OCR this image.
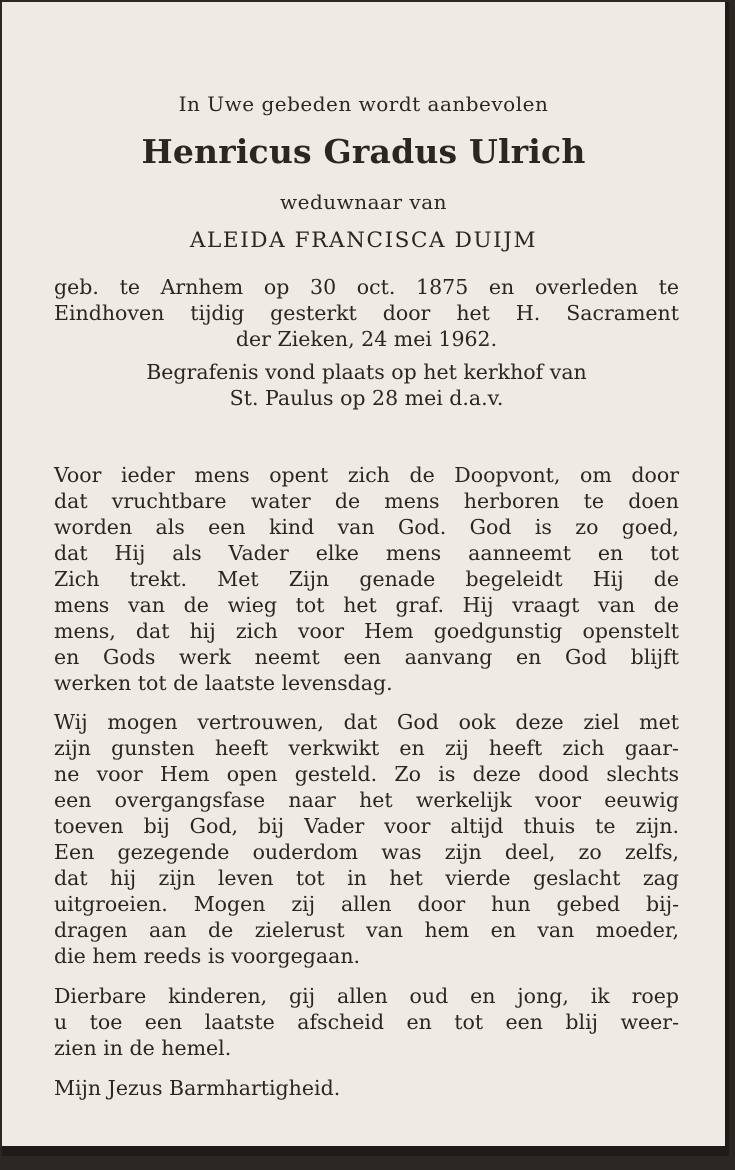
In Uwe gebeden wordt aanbevolen
Henricus Gradus Ulrich
weduwnaar van
ALEIDA FRANCISCA DUIJM
geb. te Arnhem op 30 oct. 1875 en overleden te
Eindhoven tijdig gesterkt door het H. Sacrament
der Zieken, 24 mei 1962.
Begrafenis vond plaats op het kerkhof van
St. Paulus op 28 mei d.a.v.
Voor ieder mens opent zich de Doopvont, om door
dat vruchtbare water de mens herboren te doen
worden als een kind van God. God is zo goed,
dat Hij als Vader elke mens aanneemt en tot
Zich trekt. Met Zijn genade begeleidt Hij de
mens van de wieg tot het graf. Hij vraagt van de
mens, dat hij zich voor Hem goedgunstig openstelt
en Gods werk neemt een aanvang en God blijft
werken tot de laatste levensdag.
Wij mogen vertrouwen, dat God ook deze ziel met
zijn gunsten heeft verkwikt en zij heeft zich gaar-
ne voor Hem open gesteld. Zo is deze dood slechts
een overgangsfase naar het werkelijk voor eeuwig
toeven bij God, bij Vader voor altijd thuis te zijn.
Een gezegende ouderdom was zijn deel, zo zelfs,
dat hij zijn leven tot in het vierde geslacht zag
uitgroeien. Mogen zij allen door hun gebed bij-
dragen aan de zielerust van hem en van moeder,
die hem reeds is voorgegaan.
Dierbare kinderen, gij allen oud en jong, ik roep
u toe een laatste afscheid en tot een blij weer-
zien in de hemel.
Mijn Jezus Barmhartigheid.
